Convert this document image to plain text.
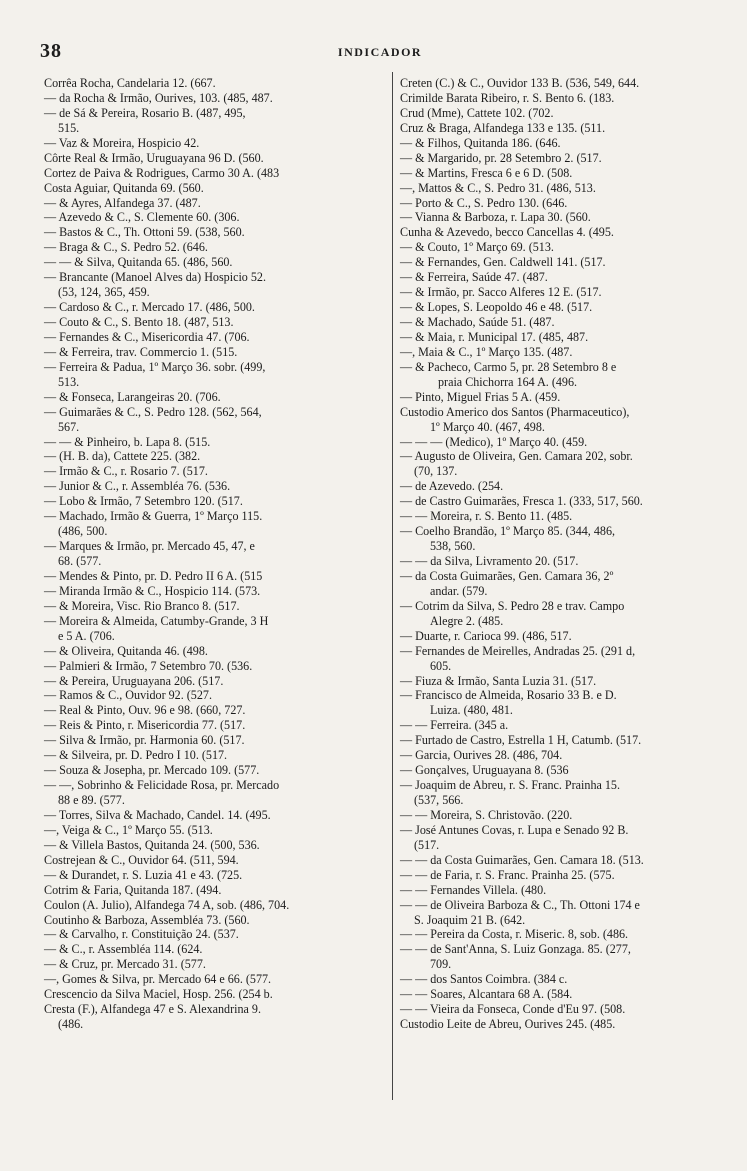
38	INDICADOR
Corrêa Rocha, Candelaria 12. (667.
— da Rocha & Irmão, Ourives, 103. (485, 487.
— de Sá & Pereira, Rosario B. (487, 495,
515.
— Vaz & Moreira, Hospicio 42.
Côrte Real & Irmão, Uruguayana 96 D. (560.
Cortez de Paiva & Rodrigues, Carmo 30 A. (483
Costa Aguiar, Quitanda 69. (560.
— & Ayres, Alfandega 37. (487.
— Azevedo & C., S. Clemente 60. (306.
— Bastos & C., Th. Ottoni 59. (538, 560.
— Braga & C., S. Pedro 52. (646.
— — & Silva, Quitanda 65. (486, 560.
— Brancante (Manoel Alves da) Hospicio 52.
(53, 124, 365, 459.
— Cardoso & C., r. Mercado 17. (486, 500.
— Couto & C., S. Bento 18. (487, 513.
— Fernandes & C., Misericordia 47. (706.
— & Ferreira, trav. Commercio 1. (515.
— Ferreira & Padua, 1º Março 36. sobr. (499,
513.
— & Fonseca, Larangeiras 20. (706.
— Guimarães & C., S. Pedro 128. (562, 564,
567.
— — & Pinheiro, b. Lapa 8. (515.
— (H. B. da), Cattete 225. (382.
— Irmão & C., r. Rosario 7. (517.
— Junior & C., r. Assembléa 76. (536.
— Lobo & Irmão, 7 Setembro 120. (517.
— Machado, Irmão & Guerra, 1º Março 115.
(486, 500.
— Marques & Irmão, pr. Mercado 45, 47, e
68. (577.
— Mendes & Pinto, pr. D. Pedro II 6 A. (515
— Miranda Irmão & C., Hospicio 114. (573.
— & Moreira, Visc. Rio Branco 8. (517.
— Moreira & Almeida, Catumby-Grande, 3 H
e 5 A. (706.
— & Oliveira, Quitanda 46. (498.
— Palmieri & Irmão, 7 Setembro 70. (536.
— & Pereira, Uruguayana 206. (517.
— Ramos & C., Ouvidor 92. (527.
— Real & Pinto, Ouv. 96 e 98. (660, 727.
— Reis & Pinto, r. Misericordia 77. (517.
— Silva & Irmão, pr. Harmonia 60. (517.
— & Silveira, pr. D. Pedro I 10. (517.
— Souza & Josepha, pr. Mercado 109. (577.
— —, Sobrinho & Felicidade Rosa, pr. Mercado
88 e 89. (577.
— Torres, Silva & Machado, Candel. 14. (495.
—, Veiga & C., 1º Março 55. (513.
— & Villela Bastos, Quitanda 24. (500, 536.
Costrejean & C., Ouvidor 64. (511, 594.
— & Durandet, r. S. Luzia 41 e 43. (725.
Cotrim & Faria, Quitanda 187. (494.
Coulon (A. Julio), Alfandega 74 A, sob. (486, 704.
Coutinho & Barboza, Assembléa 73. (560.
— & Carvalho, r. Constituição 24. (537.
— & C., r. Assembléa 114. (624.
— & Cruz, pr. Mercado 31. (577.
—, Gomes & Silva, pr. Mercado 64 e 66. (577.
Crescencio da Silva Maciel, Hosp. 256. (254 b.
Cresta (F.), Alfandega 47 e S. Alexandrina 9.
(486.
Creten (C.) & C., Ouvidor 133 B. (536, 549, 644.
Crimilde Barata Ribeiro, r. S. Bento 6. (183.
Crud (Mme), Cattete 102. (702.
Cruz & Braga, Alfandega 133 e 135. (511.
— & Filhos, Quitanda 186. (646.
— & Margarido, pr. 28 Setembro 2. (517.
— & Martins, Fresca 6 e 6 D. (508.
—, Mattos & C., S. Pedro 31. (486, 513.
— Porto & C., S. Pedro 130. (646.
— Vianna & Barboza, r. Lapa 30. (560.
Cunha & Azevedo, becco Cancellas 4. (495.
— & Couto, 1º Março 69. (513.
— & Fernandes, Gen. Caldwell 141. (517.
— & Ferreira, Saúde 47. (487.
— & Irmão, pr. Sacco Alferes 12 E. (517.
— & Lopes, S. Leopoldo 46 e 48. (517.
— & Machado, Saúde 51. (487.
— & Maia, r. Municipal 17. (485, 487.
—, Maia & C., 1º Março 135. (487.
— & Pacheco, Carmo 5, pr. 28 Setembro 8 e
praia Chichorra 164 A. (496.
— Pinto, Miguel Frias 5 A. (459.
Custodio Americo dos Santos (Pharmaceutico),
1º Março 40. (467, 498.
— — — (Medico), 1º Março 40. (459.
— Augusto de Oliveira, Gen. Camara 202, sobr.
(70, 137.
— de Azevedo. (254.
— de Castro Guimarães, Fresca 1. (333, 517, 560.
— — Moreira, r. S. Bento 11. (485.
— Coelho Brandão, 1º Março 85. (344, 486,
538, 560.
— — da Silva, Livramento 20. (517.
— da Costa Guimarães, Gen. Camara 36, 2º
andar. (579.
— Cotrim da Silva, S. Pedro 28 e trav. Campo
Alegre 2. (485.
— Duarte, r. Carioca 99. (486, 517.
— Fernandes de Meirelles, Andradas 25. (291 d,
605.
— Fiuza & Irmão, Santa Luzia 31. (517.
— Francisco de Almeida, Rosario 33 B. e D.
Luiza. (480, 481.
— — Ferreira. (345 a.
— Furtado de Castro, Estrella 1 H, Catumb. (517.
— Garcia, Ourives 28. (486, 704.
— Gonçalves, Uruguayana 8. (536
— Joaquim de Abreu, r. S. Franc. Prainha 15.
(537, 566.
— — Moreira, S. Christovão. (220.
— José Antunes Covas, r. Lupa e Senado 92 B.
(517.
— — da Costa Guimarães, Gen. Camara 18. (513.
— — de Faria, r. S. Franc. Prainha 25. (575.
— — Fernandes Villela. (480.
— — de Oliveira Barboza & C., Th. Ottoni 174 e
S. Joaquim 21 B. (642.
— — Pereira da Costa, r. Miseric. 8, sob. (486.
— — de Sant'Anna, S. Luiz Gonzaga. 85. (277,
709.
— — dos Santos Coimbra. (384 c.
— — Soares, Alcantara 68 A. (584.
— — Vieira da Fonseca, Conde d'Eu 97. (508.
Custodio Leite de Abreu, Ourives 245. (485.
